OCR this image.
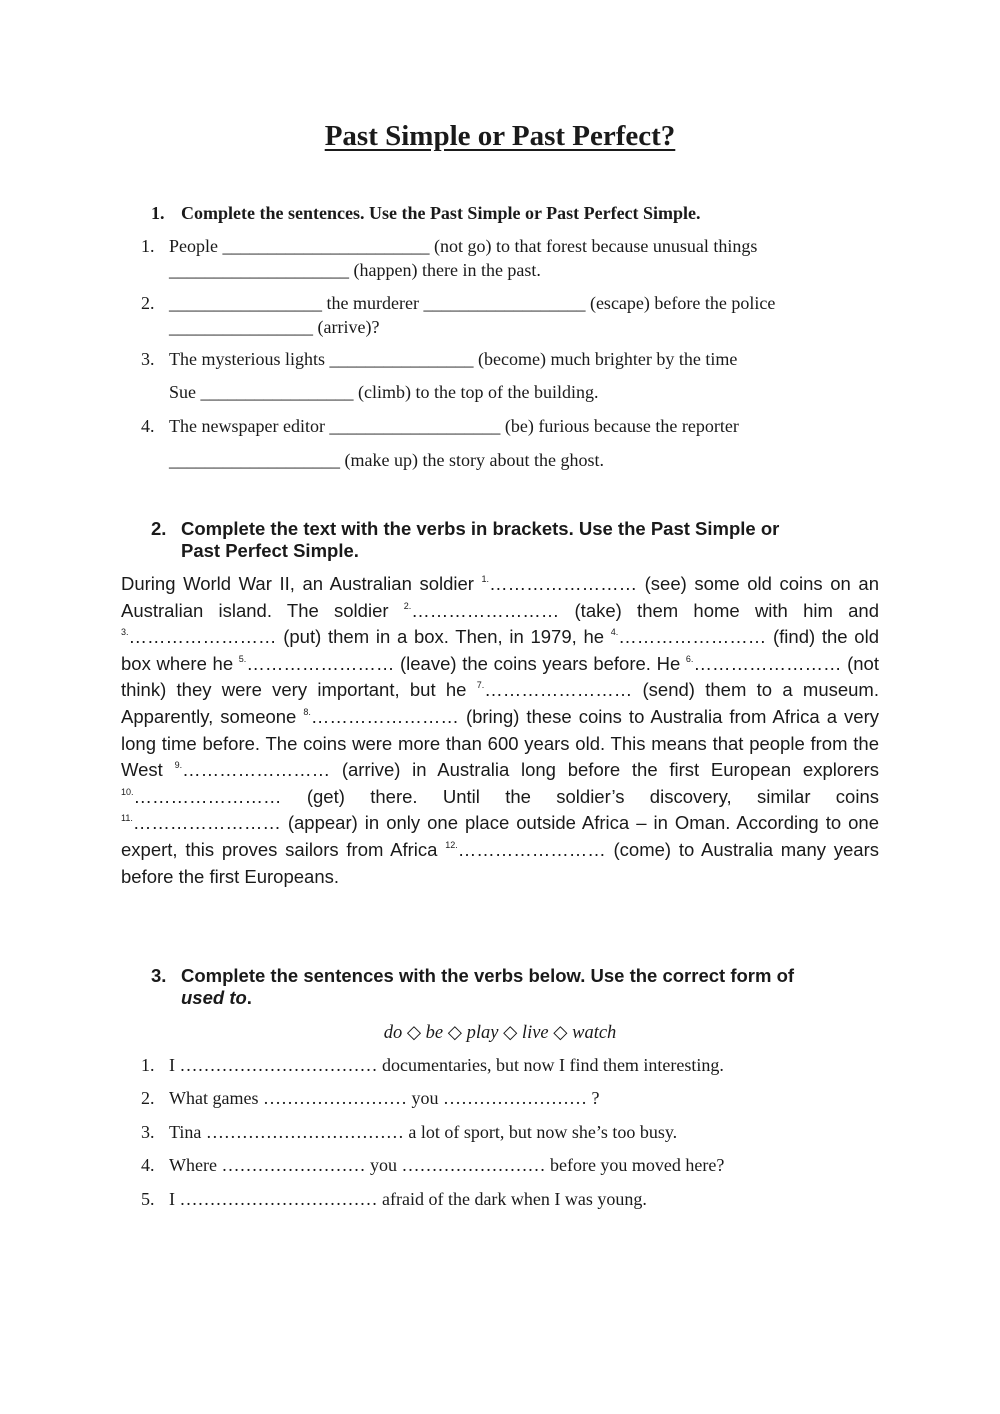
Past Simple or Past Perfect?
1. Complete the sentences. Use the Past Simple or Past Perfect Simple.
1. People _______________________ (not go) to that forest because unusual things
____________________ (happen) there in the past.
2. _________________ the murderer __________________ (escape) before the police
________________ (arrive)?
3. The mysterious lights ________________ (become) much brighter by the time
Sue _________________ (climb) to the top of the building.
4. The newspaper editor ___________________ (be) furious because the reporter
___________________ (make up) the story about the ghost.
2. Complete the text with the verbs in brackets. Use the Past Simple or
Past Perfect Simple.

During World War II, an Australian soldier $^{1.}$…………………… (see) some old coins on an Australian island. The soldier $^{2.}$…………………… (take) them home with him and $^{3.}$…………………… (put) them in a box. Then, in 1979, he $^{4.}$…………………… (find) the old box where he $^{5.}$…………………… (leave) the coins years before. He $^{6.}$…………………… (not think) they were very important, but he $^{7.}$…………………… (send) them to a museum. Apparently, someone $^{8.}$…………………… (bring) these coins to Australia from Africa a very long time before. The coins were more than 600 years old. This means that people from the West $^{9.}$…………………… (arrive) in Australia long before the first European explorers $^{10.}$…………………… (get) there. Until the soldier’s discovery, similar coins $^{11.}$…………………… (appear) in only one place outside Africa – in Oman. According to one expert, this proves sailors from Africa $^{12.}$…………………… (come) to Australia many years before the first Europeans.

3. Complete the sentences with the verbs below. Use the correct form of
used to.
do ◇ be ◇ play ◇ live ◇ watch
1. I …………………………… documentaries, but now I find them interesting.
2. What games …………………… you …………………… ?
3. Tina …………………………… a lot of sport, but now she’s too busy.
4. Where …………………… you …………………… before you moved here?
5. I …………………………… afraid of the dark when I was young.
